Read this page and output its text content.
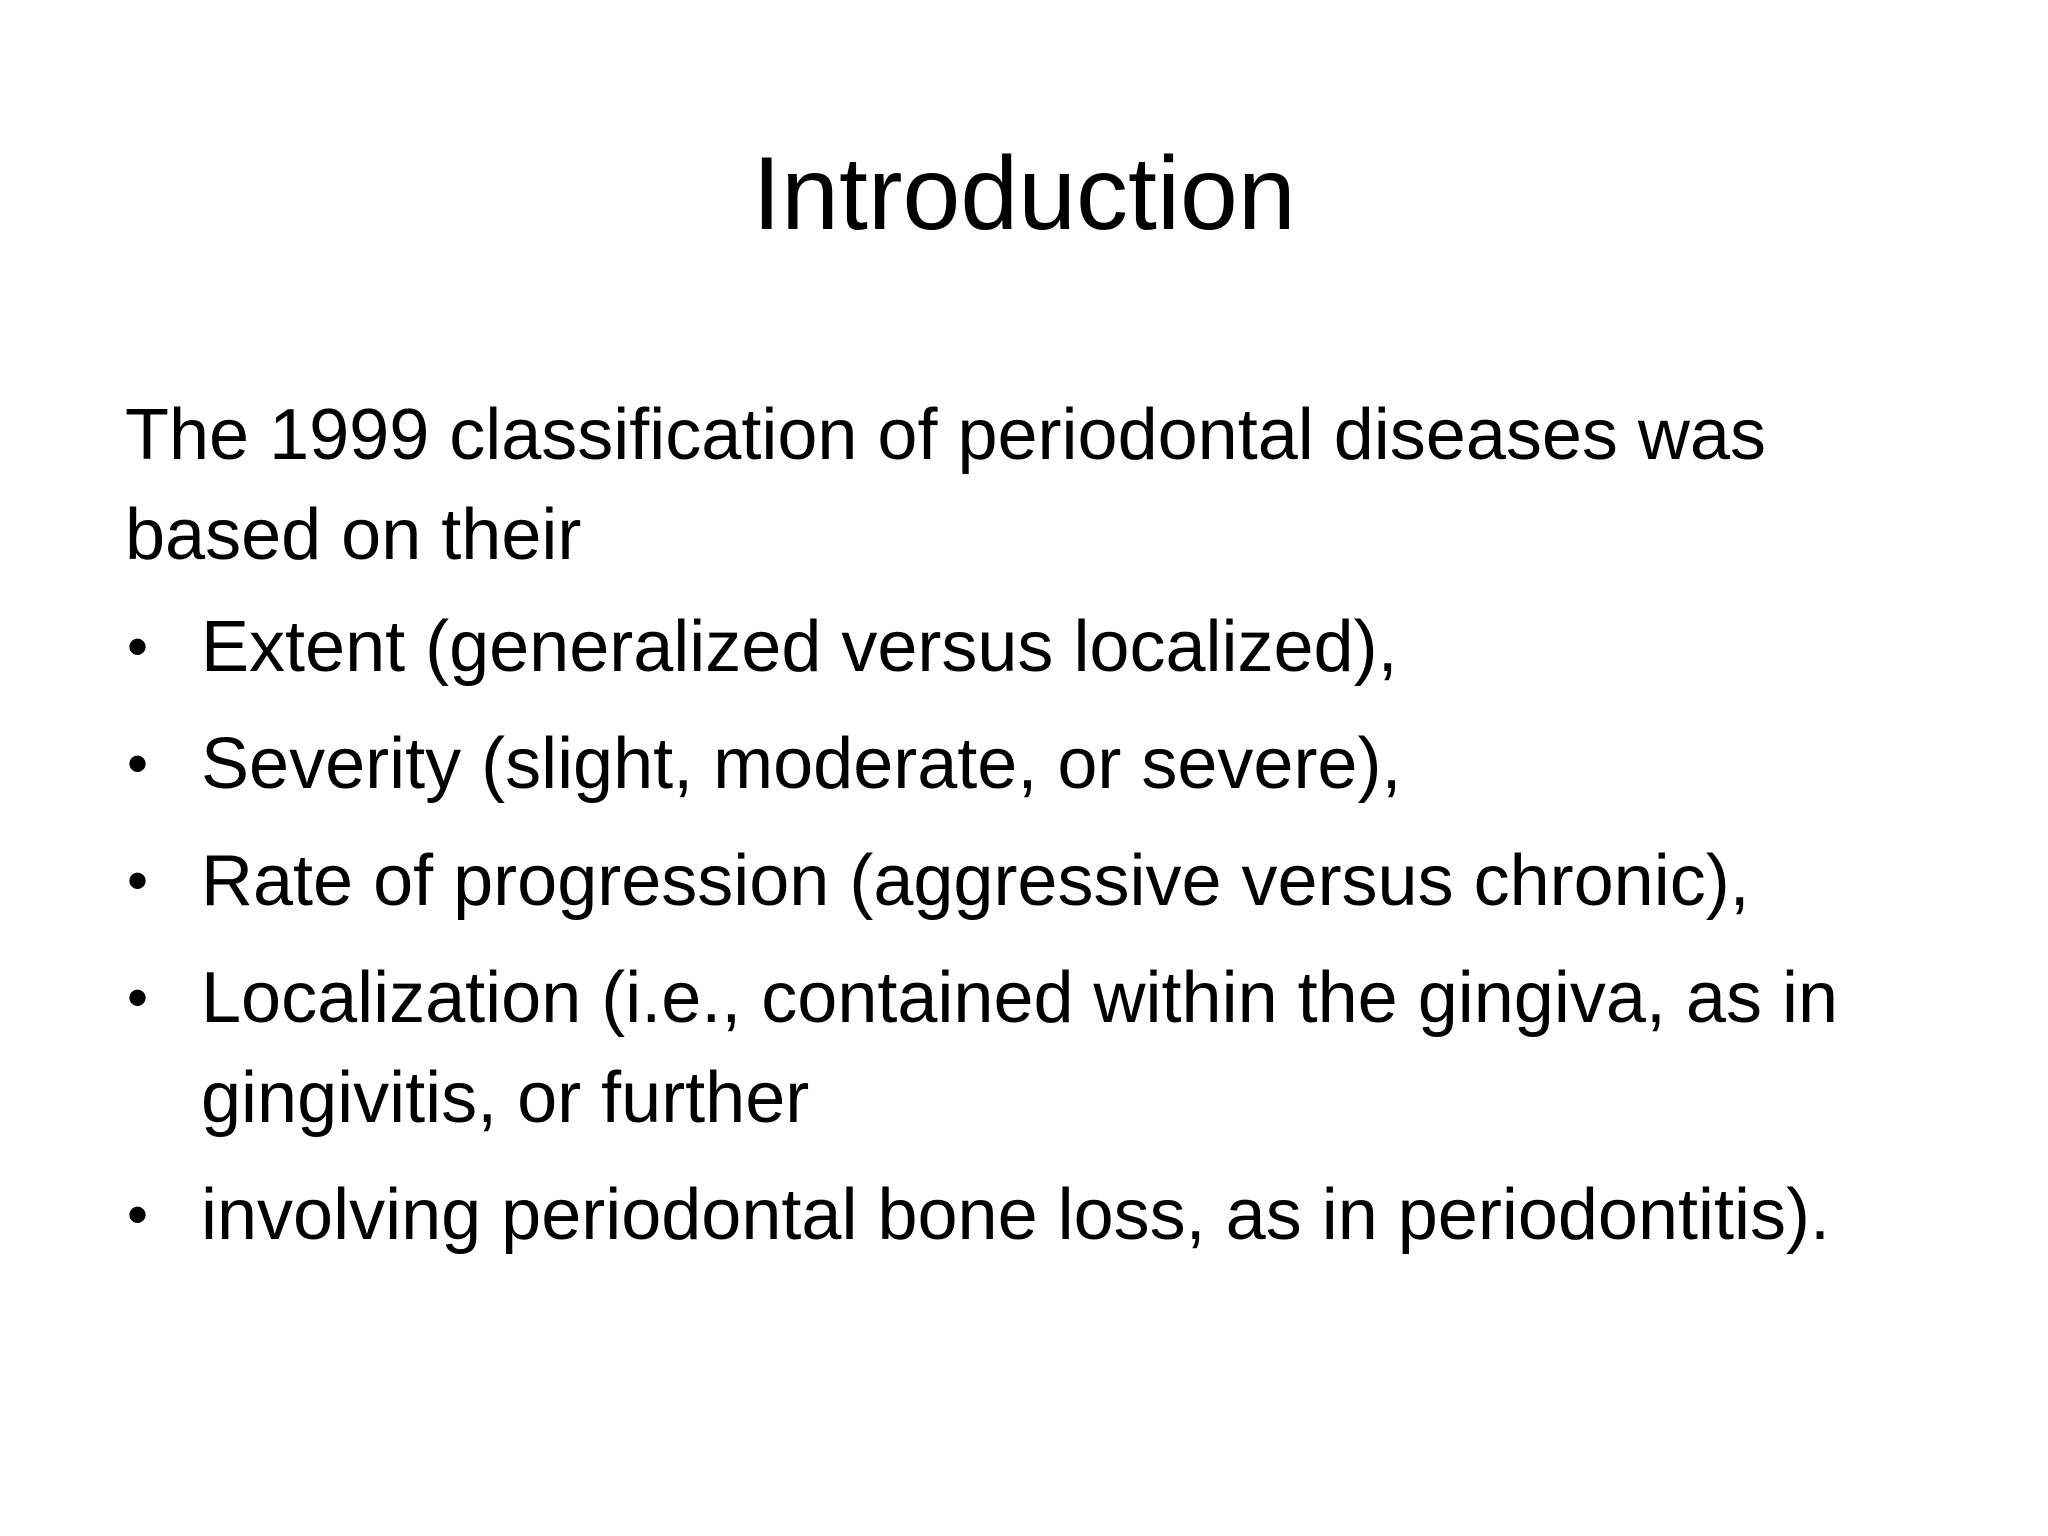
Introduction

The 1999 classification of periodontal diseases was based on their

• Extent (generalized versus localized),
• Severity (slight, moderate, or severe),
• Rate of progression (aggressive versus chronic),
• Localization (i.e., contained within the gingiva, as in gingivitis, or further
• involving periodontal bone loss, as in periodontitis).
